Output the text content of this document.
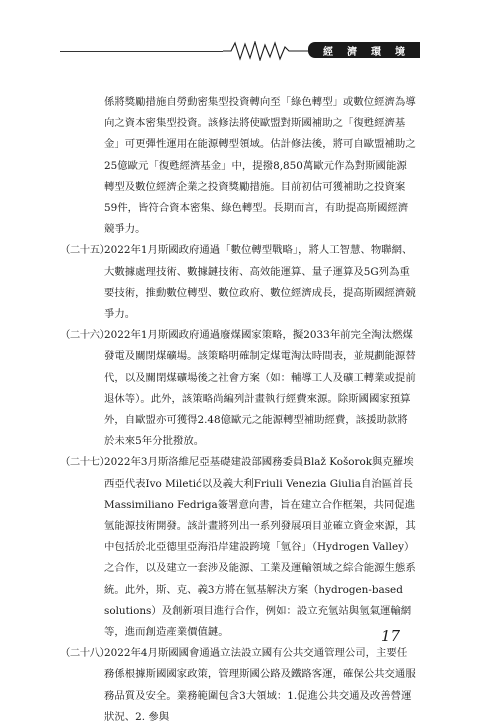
經 濟 環 境

係將獎勵措施自勞動密集型投資轉向至「綠色轉型」或數位經濟為導向之資本密集型投資。該修法將使歐盟對斯國補助之「復甦經濟基金」可更彈性運用在能源轉型領域。估計修法後，將可自歐盟補助之25億歐元「復甦經濟基金」中，提撥8,850萬歐元作為對斯國能源轉型及數位經濟企業之投資獎勵措施。目前初估可獲補助之投資案59件，皆符合資本密集、綠色轉型。長期而言，有助提高斯國經濟競爭力。

（二十五）

2022年1月斯國政府通過「數位轉型戰略」，將人工智慧、物聯網、大數據處理技術、數據鏈技術、高效能運算、量子運算及5G列為重要技術，推動數位轉型、數位政府、數位經濟成長，提高斯國經濟競爭力。

（二十六）

2022年1月斯國政府通過廢煤國家策略，擬2033年前完全淘汰燃煤發電及關閉煤礦場。該策略明確制定煤電淘汰時間表，並規劃能源替代，以及關閉煤礦場後之社會方案（如：輔導工人及礦工轉業或提前退休等）。此外，該策略尚編列計畫執行經費來源。除斯國國家預算外，自歐盟亦可獲得2.48億歐元之能源轉型補助經費，該援助款將於未來5年分批撥放。

（二十七）

2022年3月斯洛維尼亞基礎建設部國務委員Blaž Košorok與克羅埃西亞代表Ivo Miletić以及義大利Friuli Venezia Giulia自治區首長Massimiliano Fedriga簽署意向書，旨在建立合作框架，共同促進氫能源技術開發。該計畫將列出一系列發展項目並確立資金來源，其中包括於北亞德里亞海沿岸建設跨境「氫谷」（Hydrogen Valley）之合作，以及建立一套涉及能源、工業及運輸領域之綜合能源生態系統。此外，斯、克、義3方將在氫基解決方案（hydrogen-based solutions）及創新項目進行合作，例如：設立充氫站與氫氣運輸網等，進而創造產業價值鏈。

（二十八）

2022年4月斯國國會通過立法設立國有公共交通管理公司，主要任務係根據斯國國家政策，管理斯國公路及鐵路客運，確保公共交通服務品質及安全。業務範圍包含3大領域：1.促進公共交通及改善營運狀況、2. 參與

17
